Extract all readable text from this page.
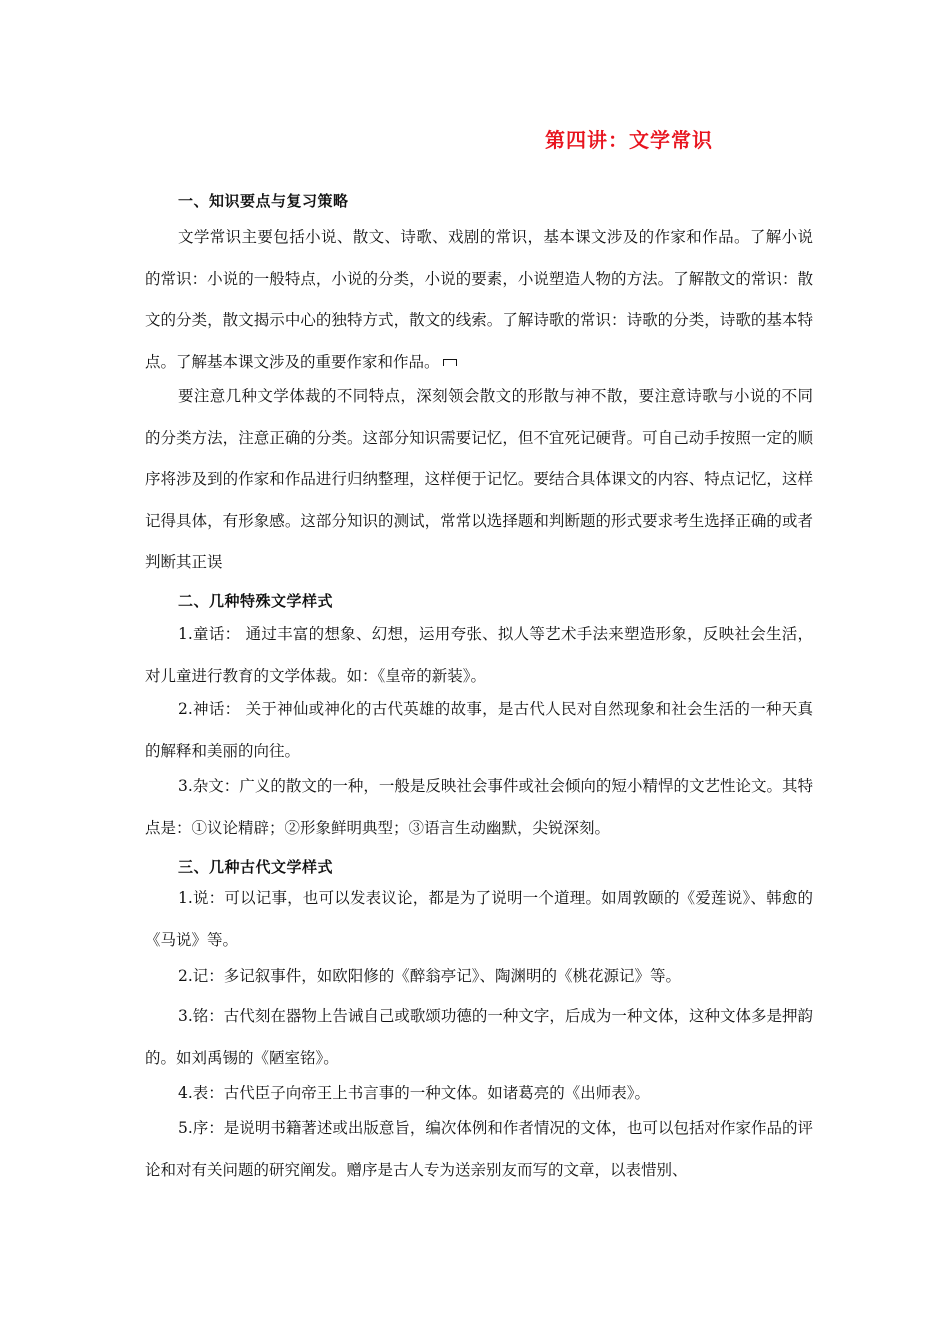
第四讲：文学常识
一、知识要点与复习策略
文学常识主要包括小说、散文、诗歌、戏剧的常识，基本课文涉及的作家和作品。了解小说的常识：小说的一般特点，小说的分类，小说的要素，小说塑造人物的方法。了解散文的常识：散文的分类，散文揭示中心的独特方式，散文的线索。了解诗歌的常识：诗歌的分类，诗歌的基本特点。了解基本课文涉及的重要作家和作品。
要注意几种文学体裁的不同特点，深刻领会散文的形散与神不散，要注意诗歌与小说的不同的分类方法，注意正确的分类。这部分知识需要记忆，但不宜死记硬背。可自己动手按照一定的顺序将涉及到的作家和作品进行归纳整理，这样便于记忆。要结合具体课文的内容、特点记忆，这样记得具体，有形象感。这部分知识的测试，常常以选择题和判断题的形式要求考生选择正确的或者判断其正误
二、几种特殊文学样式
1.童话： 通过丰富的想象、幻想，运用夸张、拟人等艺术手法来塑造形象，反映社会生活，对儿童进行教育的文学体裁。如：《皇帝的新装》。
2.神话： 关于神仙或神化的古代英雄的故事，是古代人民对自然现象和社会生活的一种天真的解释和美丽的向往。
3.杂文：广义的散文的一种，一般是反映社会事件或社会倾向的短小精悍的文艺性论文。其特点是：①议论精辟；②形象鲜明典型；③语言生动幽默，尖锐深刻。
三、几种古代文学样式
1.说：可以记事，也可以发表议论，都是为了说明一个道理。如周敦颐的《爱莲说》、韩愈的《马说》等。
2.记：多记叙事件，如欧阳修的《醉翁亭记》、陶渊明的《桃花源记》等。
3.铭：古代刻在器物上告诫自己或歌颂功德的一种文字，后成为一种文体，这种文体多是押韵的。如刘禹锡的《陋室铭》。
4.表：古代臣子向帝王上书言事的一种文体。如诸葛亮的《出师表》。
5.序：是说明书籍著述或出版意旨，编次体例和作者情况的文体，也可以包括对作家作品的评论和对有关问题的研究阐发。赠序是古人专为送亲别友而写的文章，以表惜别、
